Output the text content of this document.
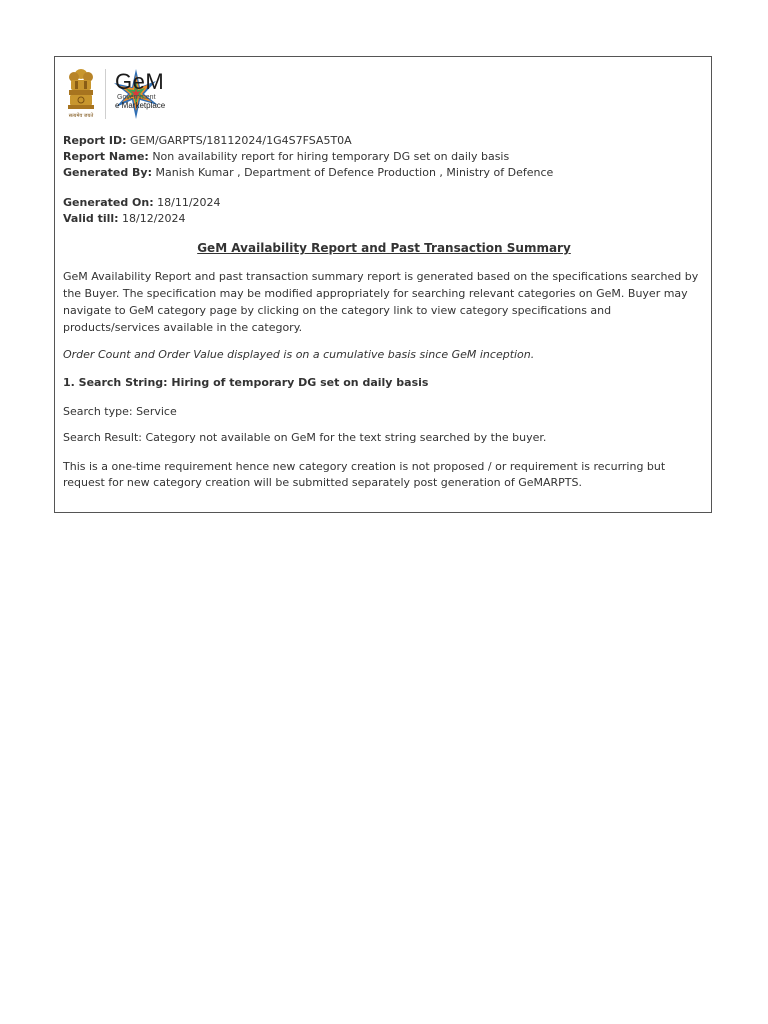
सत्यमेव जयते
GeM
Government
e Marketplace

Report ID: GEM/GARPTS/18112024/1G4S7FSA5T0A

Report Name: Non availability report for hiring temporary DG set on daily basis

Generated By: Manish Kumar , Department of Defence Production , Ministry of Defence

Generated On: 18/11/2024

Valid till: 18/12/2024

GeM Availability Report and Past Transaction Summary

GeM Availability Report and past transaction summary report is generated based on the specifications searched by the Buyer. The specification may be modified appropriately for searching relevant categories on GeM. Buyer may navigate to GeM category page by clicking on the category link to view category specifications and products/services available in the category.

Order Count and Order Value displayed is on a cumulative basis since GeM inception.

1. Search String: Hiring of temporary DG set on daily basis

Search type: Service

Search Result: Category not available on GeM for the text string searched by the buyer.

This is a one-time requirement hence new category creation is not proposed / or requirement is recurring but request for new category creation will be submitted separately post generation of GeMARPTS.
